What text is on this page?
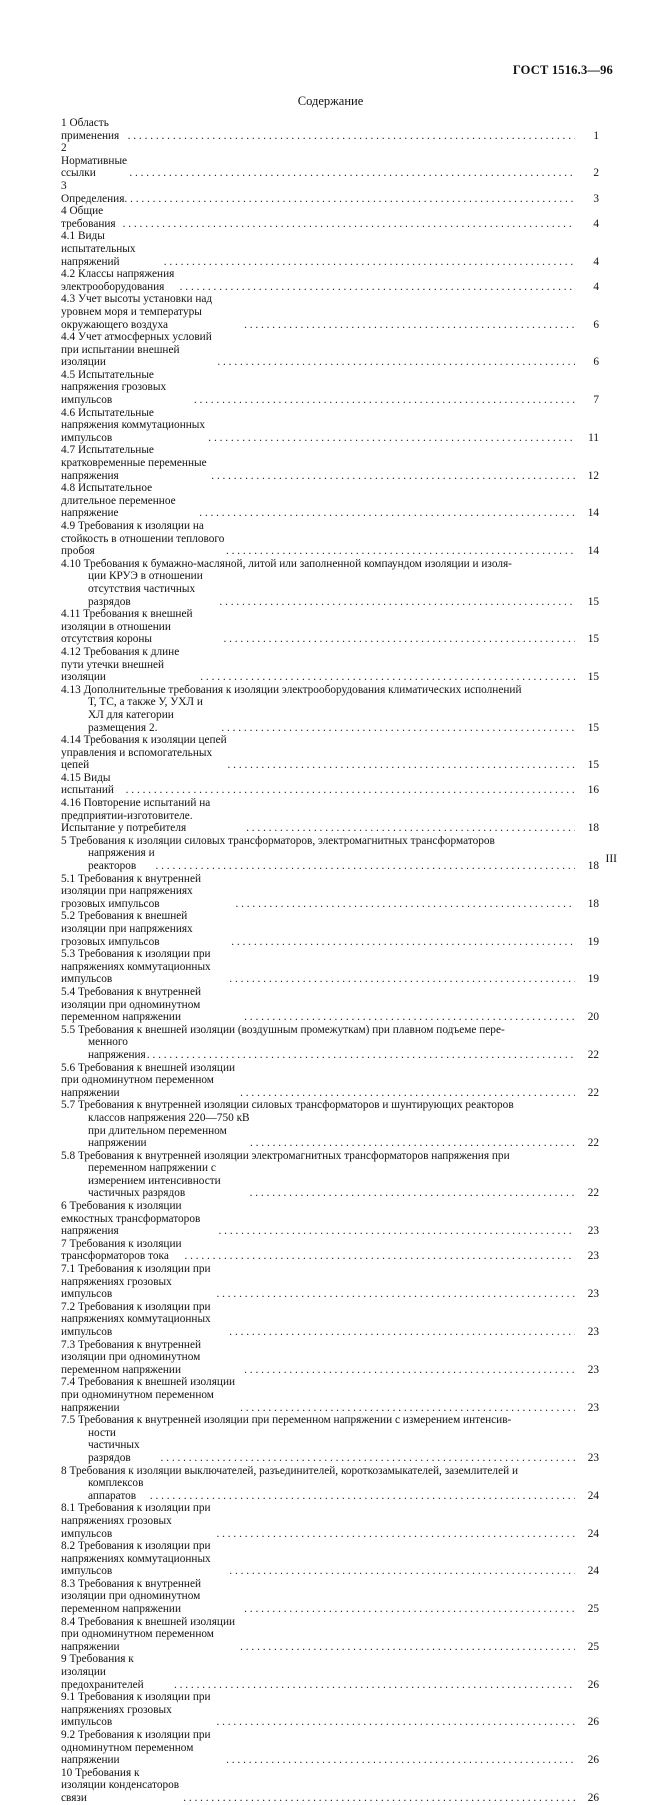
ГОСТ 1516.3—96
Содержание
1 Область применения . . .	1
2 Нормативные ссылки . . .	2
3 Определения . . .	3
4 Общие требования . . .	4
4.1 Виды испытательных напряжений . . .	4
4.2 Классы напряжения электрооборудования . . .	4
4.3 Учет высоты установки над уровнем моря и температуры окружающего воздуха . . .	6
4.4 Учет атмосферных условий при испытании внешней изоляции . . .	6
4.5 Испытательные напряжения грозовых импульсов . . .	7
4.6 Испытательные напряжения коммутационных импульсов . . .	11
4.7 Испытательные кратковременные переменные напряжения . . .	12
4.8 Испытательное длительное переменное напряжение . . .	14
4.9 Требования к изоляции на стойкость в отношении теплового пробоя . . .	14
4.10 Требования к бумажно-масляной, литой или заполненной компаундом изоляции и изоля-
ции КРУЭ в отношении отсутствия частичных разрядов . . .	15
4.11 Требования к внешней изоляции в отношении отсутствия короны . . .	15
4.12 Требования к длине пути утечки внешней изоляции . . .	15
4.13 Дополнительные требования к изоляции электрооборудования климатических исполнений
Т, ТС, а также У, УХЛ и ХЛ для категории размещения 2. . . .	15
4.14 Требования к изоляции цепей управления и вспомогательных цепей . . .	15
4.15 Виды испытаний . . .	16
4.16 Повторение испытаний на предприятии-изготовителе. Испытание у потребителя . . .	18
5 Требования к изоляции силовых трансформаторов, электромагнитных трансформаторов
напряжения и реакторов . . .	18
5.1 Требования к внутренней изоляции при напряжениях грозовых импульсов . . .	18
5.2 Требования к внешней изоляции при напряжениях грозовых импульсов . . .	19
5.3 Требования к изоляции при напряжениях коммутационных импульсов . . .	19
5.4 Требования к внутренней изоляции при одноминутном переменном напряжении . . .	20
5.5 Требования к внешней изоляции (воздушным промежуткам) при плавном подъеме пере-
менного напряжения . . .	22
5.6 Требования к внешней изоляции при одноминутном переменном напряжении . . .	22
5.7 Требования к внутренней изоляции силовых трансформаторов и шунтирующих реакторов
классов напряжения 220—750 кВ при длительном переменном напряжении . . .	22
5.8 Требования к внутренней изоляции электромагнитных трансформаторов напряжения при
переменном напряжении с измерением интенсивности частичных разрядов . . .	22
6 Требования к изоляции емкостных трансформаторов напряжения . . .	23
7 Требования к изоляции трансформаторов тока . . .	23
7.1 Требования к изоляции при напряжениях грозовых импульсов . . .	23
7.2 Требования к изоляции при напряжениях коммутационных импульсов . . .	23
7.3 Требования к внутренней изоляции при одноминутном переменном напряжении . . .	23
7.4 Требования к внешней изоляции при одноминутном переменном напряжении . . .	23
7.5 Требования к внутренней изоляции при переменном напряжении с измерением интенсив-
ности частичных разрядов . . .	23
8 Требования к изоляции выключателей, разъединителей, короткозамыкателей, заземлителей и
комплексов аппаратов . . .	24
8.1 Требования к изоляции при напряжениях грозовых импульсов . . .	24
8.2 Требования к изоляции при напряжениях коммутационных импульсов . . .	24
8.3 Требования к внутренней изоляции при одноминутном переменном напряжении . . .	25
8.4 Требования к внешней изоляции при одноминутном переменном напряжении . . .	25
9 Требования к изоляции предохранителей . . .	26
9.1 Требования к изоляции при напряжениях грозовых импульсов . . .	26
9.2 Требования к изоляции при одноминутном переменном напряжении . . .	26
10 Требования к изоляции конденсаторов связи . . .	26
III
